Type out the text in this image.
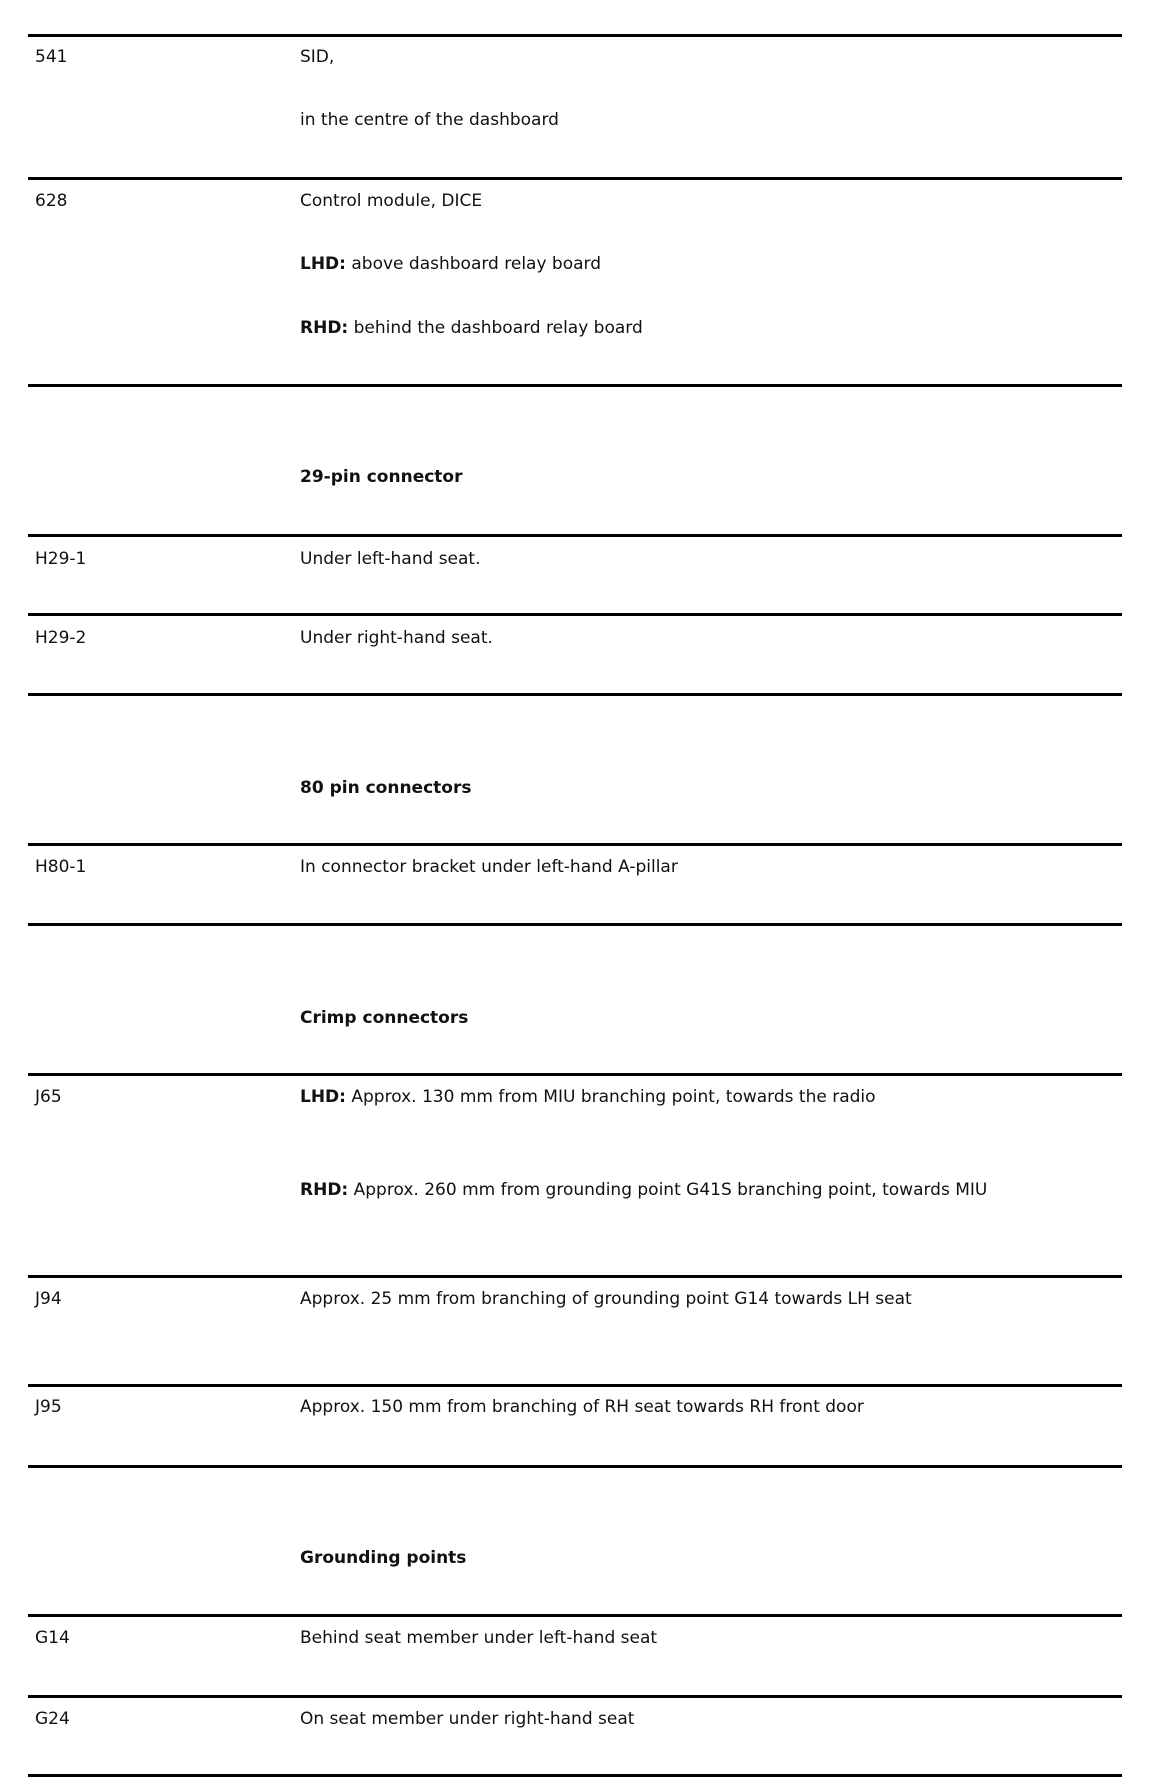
541	SID,
in the centre of the dashboard
628	Control module, DICE
LHD: above dashboard relay board
RHD: behind the dashboard relay board
29-pin connector
H29-1	Under left-hand seat.
H29-2	Under right-hand seat.
80 pin connectors
H80-1	In connector bracket under left-hand A-pillar
Crimp connectors
J65	LHD: Approx. 130 mm from MIU branching point, towards the radio
RHD: Approx. 260 mm from grounding point G41S branching point, towards MIU
J94	Approx. 25 mm from branching of grounding point G14 towards LH seat
J95	Approx. 150 mm from branching of RH seat towards RH front door
Grounding points
G14	Behind seat member under left-hand seat
G24	On seat member under right-hand seat
